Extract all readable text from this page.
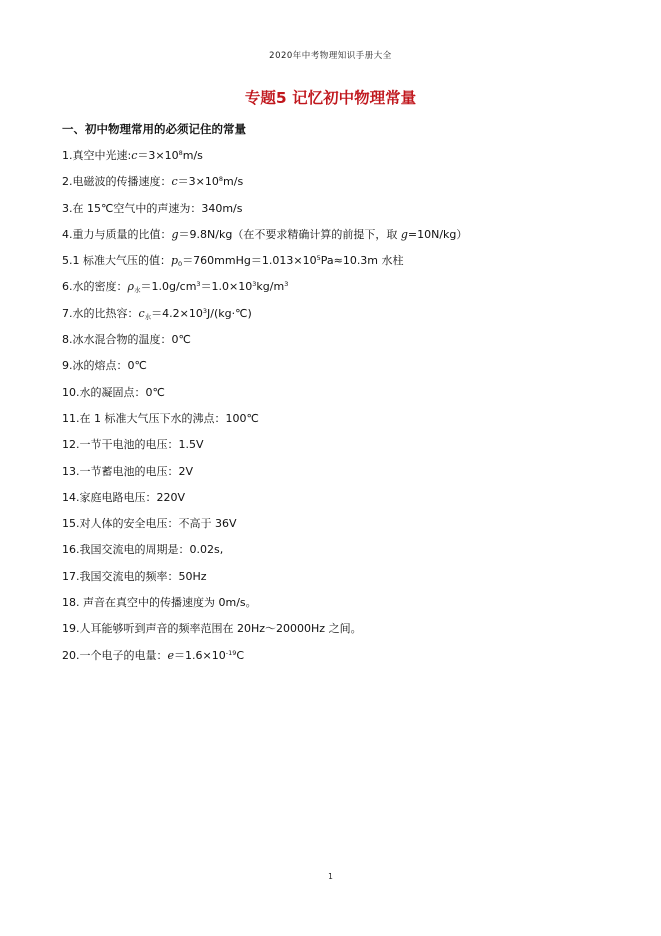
2020年中考物理知识手册大全
专题5 记忆初中物理常量
一、初中物理常用的必须记住的常量
1.真空中光速$:c=3\times 10^8m/s$
2.电磁波的传播速度：$c=3\times 10^8m/s$
3.在 15℃空气中的声速为：340m/s
4.重力与质量的比值：g＝9.8N/kg（在不要求精确计算的前提下，取 g=10N/kg）
5.1 标准大气压的值：$p_0=760mmHg=1.013\times 10^5Pa\approx 10.3m$ 水柱
6.水的密度：$\rho_水=1.0g/cm^3=1.0\times 10^3kg/m^3$
7.水的比热容：$c_水=4.2\times 10^3J/(kg\cdot℃)$
8.冰水混合物的温度：0℃
9.冰的熔点：0℃
10.水的凝固点：0℃
11.在 1 标准大气压下水的沸点：100℃
12.一节干电池的电压：1.5V
13.一节蓄电池的电压：2V
14.家庭电路电压：220V
15.对人体的安全电压：不高于 36V
16.我国交流电的周期是：0.02s,
17.我国交流电的频率：50Hz
18. 声音在真空中的传播速度为 0m/s。
19.人耳能够听到声音的频率范围在 20Hz～20000Hz 之间。
20.一个电子的电量：$e=1.6\times 10^{-19}C$
1
